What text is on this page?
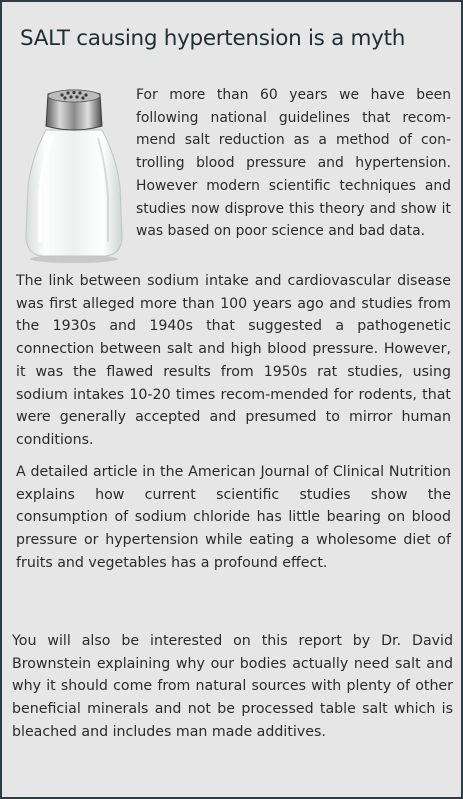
SALT causing hypertension is a myth

For more than 60 years we have been following national guidelines that recom-mend salt reduction as a method of con-trolling blood pressure and hypertension. However modern scientific techniques and studies now disprove this theory and show it was based on poor science and bad data.

The link between sodium intake and cardiovascular disease was first alleged more than 100 years ago and studies from the 1930s and 1940s that suggested a pathogenetic connection between salt and high blood pressure. However, it was the flawed results from 1950s rat studies, using sodium intakes 10-20 times recom-mended for rodents, that were generally accepted and presumed to mirror human conditions.

A detailed article in the American Journal of Clinical Nutrition explains how current scientific studies show the consumption of sodium chloride has little bearing on blood pressure or hypertension while eating a wholesome diet of fruits and vegetables has a profound effect.

You will also be interested on this report by Dr. David Brownstein explaining why our bodies actually need salt and why it should come from natural sources with plenty of other beneficial minerals and not be processed table salt which is bleached and includes man made additives.
